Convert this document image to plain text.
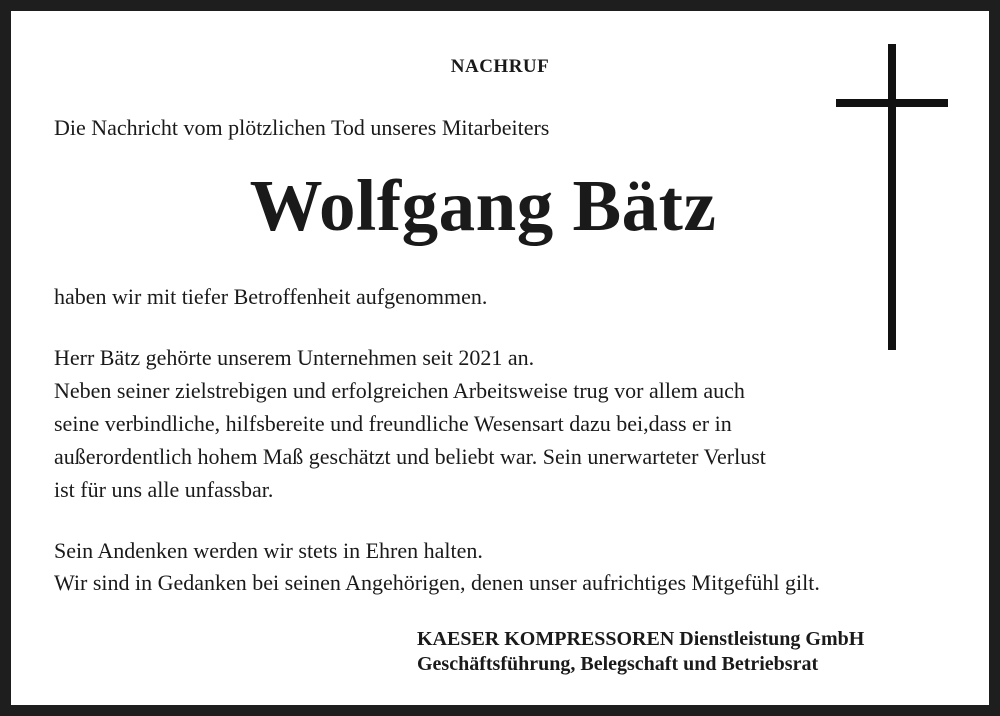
NACHRUF
Die Nachricht vom plötzlichen Tod unseres Mitarbeiters
Wolfgang Bätz
haben wir mit tiefer Betroffenheit aufgenommen.
Herr Bätz gehörte unserem Unternehmen seit 2021 an.
Neben seiner zielstrebigen und erfolgreichen Arbeitsweise trug vor allem auch
seine verbindliche, hilfsbereite und freundliche Wesensart dazu bei,dass er in
außerordentlich hohem Maß geschätzt und beliebt war. Sein unerwarteter Verlust
ist für uns alle unfassbar.
Sein Andenken werden wir stets in Ehren halten.
Wir sind in Gedanken bei seinen Angehörigen, denen unser aufrichtiges Mitgefühl gilt.
KAESER KOMPRESSOREN Dienstleistung GmbH
Geschäftsführung, Belegschaft und Betriebsrat
